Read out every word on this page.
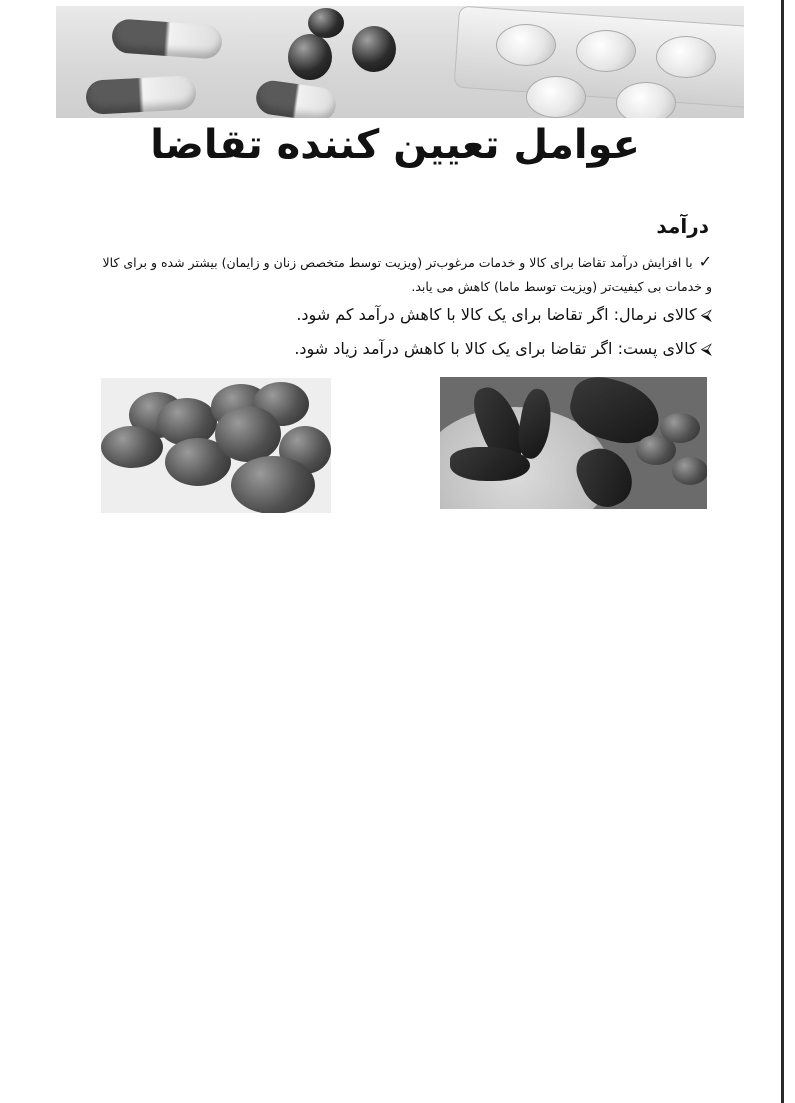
عوامل تعیین کننده تقاضا
درآمد
✓با افزایش درآمد تقاضا برای کالا و خدمات مرغوب‌تر (ویزیت توسط متخصص زنان و زایمان) بیشتر شده و برای کالا و خدمات بی کیفیت‌تر (ویزیت توسط ماما) کاهش می یابد.
⮘کالای نرمال: اگر تقاضا برای یک کالا با کاهش درآمد کم شود.
⮘کالای پست: اگر تقاضا برای یک کالا با کاهش درآمد زیاد شود.
